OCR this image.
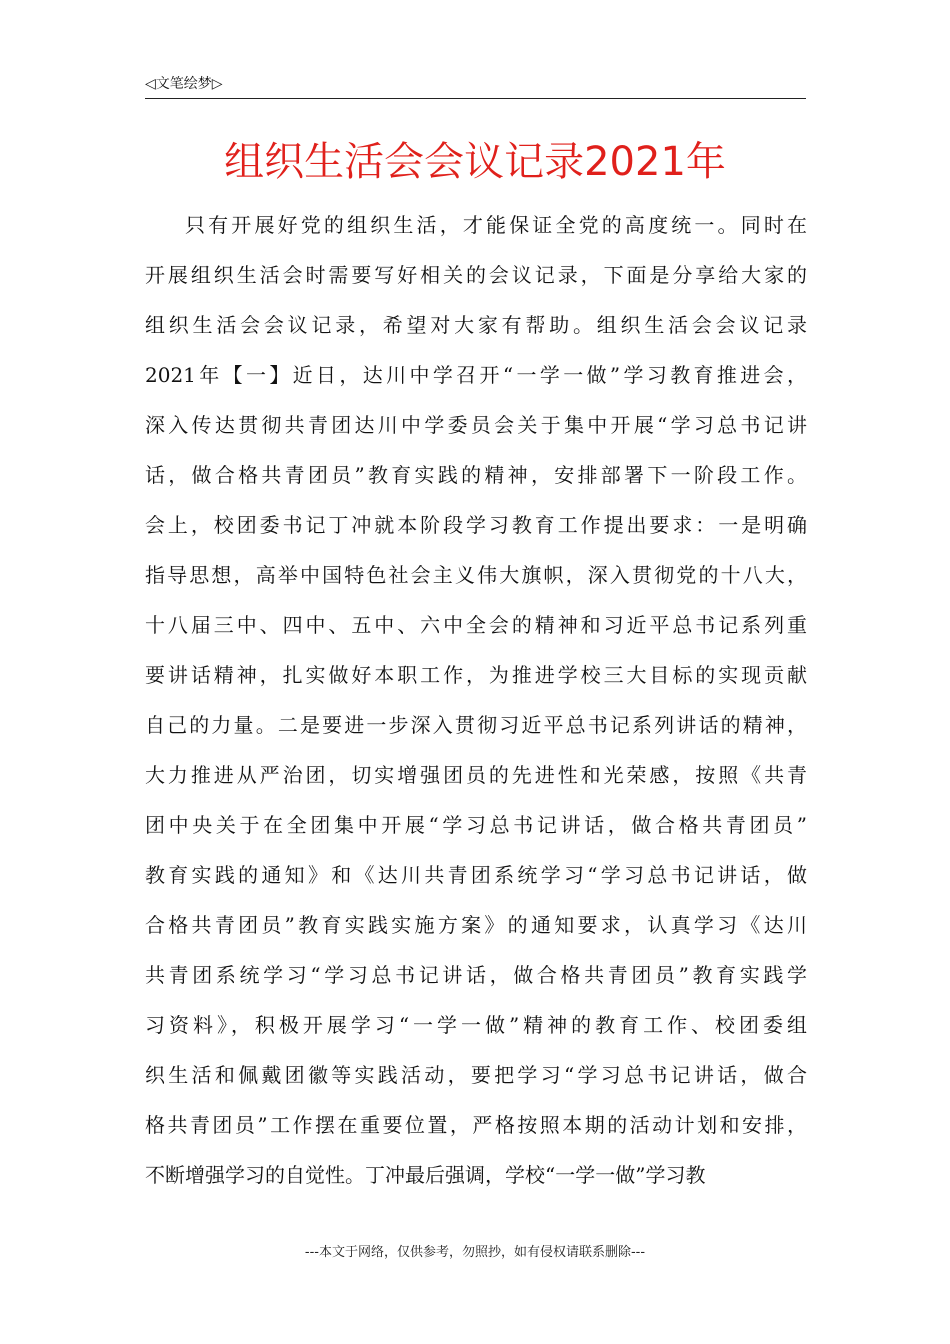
◁文笔绘梦▷
组织生活会会议记录2021年
只有开展好党的组织生活，才能保证全党的高度统一。同时在
开展组织生活会时需要写好相关的会议记录，下面是分享给大家的
组织生活会会议记录，希望对大家有帮助。组织生活会会议记录
2021年【一】近日，达川中学召开“一学一做”学习教育推进会，
深入传达贯彻共青团达川中学委员会关于集中开展“学习总书记讲
话，做合格共青团员”教育实践的精神，安排部署下一阶段工作。
会上，校团委书记丁冲就本阶段学习教育工作提出要求：一是明确
指导思想，高举中国特色社会主义伟大旗帜，深入贯彻党的十八大，
十八届三中、四中、五中、六中全会的精神和习近平总书记系列重
要讲话精神，扎实做好本职工作，为推进学校三大目标的实现贡献
自己的力量。二是要进一步深入贯彻习近平总书记系列讲话的精神，
大力推进从严治团，切实增强团员的先进性和光荣感，按照《共青
团中央关于在全团集中开展“学习总书记讲话，做合格共青团员”
教育实践的通知》和《达川共青团系统学习“学习总书记讲话，做
合格共青团员”教育实践实施方案》的通知要求，认真学习《达川
共青团系统学习“学习总书记讲话，做合格共青团员”教育实践学
习资料》，积极开展学习“一学一做”精神的教育工作、校团委组
织生活和佩戴团徽等实践活动，要把学习“学习总书记讲话，做合
格共青团员”工作摆在重要位置，严格按照本期的活动计划和安排，
不断增强学习的自觉性。丁冲最后强调，学校“一学一做”学习教
---本文于网络，仅供参考，勿照抄，如有侵权请联系删除---
